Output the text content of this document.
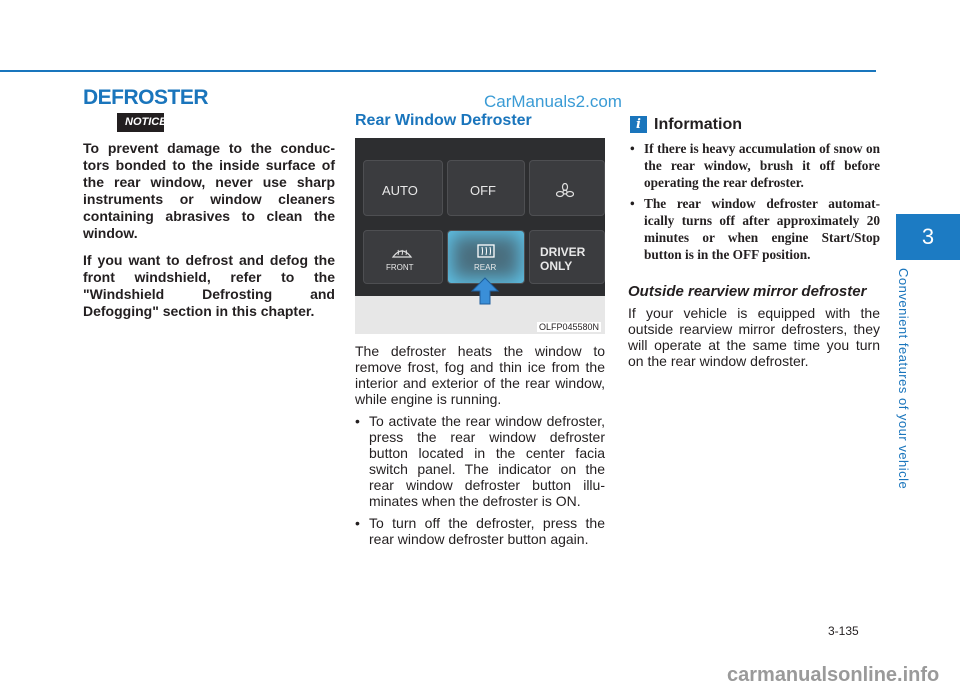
DEFROSTER	CarManuals2.com
NOTICE

To prevent damage to the conduc-tors bonded to the inside surface of the rear window, never use sharp instruments or window cleaners containing abrasives to clean the window.

If you want to defrost and defog the front windshield, refer to the "Windshield Defrosting and Defogging" section in this chapter.

Rear Window Defroster
AUTO	OFF
FRONT	REAR
DRIVER
ONLY
OLFP045580N

The defroster heats the window to remove frost, fog and thin ice from the interior and exterior of the rear window, while engine is running.

• To activate the rear window defroster, press the rear window defroster button located in the center facia switch panel. The indicator on the rear window defroster button illu-minates when the defroster is ON.
• To turn off the defroster, press the rear window defroster button again.
i Information
• If there is heavy accumulation of snow on the rear window, brush it off before operating the rear defroster.
• The rear window defroster automat-ically turns off after approximately 20 minutes or when engine Start/Stop button is in the OFF position.
Outside rearview mirror defroster
If your vehicle is equipped with the outside rearview mirror defrosters, they will operate at the same time you turn on the rear window defroster.
3
Convenient features of your vehicle
3-135
carmanualsonline.info
